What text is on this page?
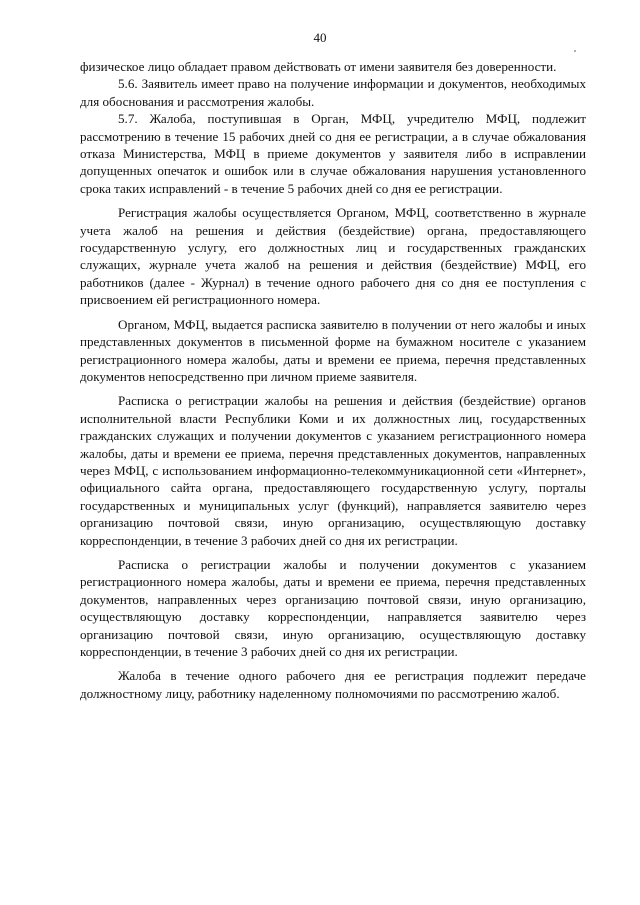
40

физическое лицо обладает правом действовать от имени заявителя без доверенности.

5.6. Заявитель имеет право на получение информации и документов, необходимых для обоснования и рассмотрения жалобы.

5.7. Жалоба, поступившая в Орган, МФЦ, учредителю МФЦ, подлежит рассмотрению в течение 15 рабочих дней со дня ее регистрации, а в случае обжалования отказа Министерства, МФЦ в приеме документов у заявителя либо в исправлении допущенных опечаток и ошибок или в случае обжалования нарушения установленного срока таких исправлений - в течение 5 рабочих дней со дня ее регистрации.

Регистрация жалобы осуществляется Органом, МФЦ, соответственно в журнале учета жалоб на решения и действия (бездействие) органа, предоставляющего государственную услугу, его должностных лиц и государственных гражданских служащих, журнале учета жалоб на решения и действия (бездействие) МФЦ, его работников (далее - Журнал) в течение одного рабочего дня со дня ее поступления с присвоением ей регистрационного номера.

Органом, МФЦ, выдается расписка заявителю в получении от него жалобы и иных представленных документов в письменной форме на бумажном носителе с указанием регистрационного номера жалобы, даты и времени ее приема, перечня представленных документов непосредственно при личном приеме заявителя.

Расписка о регистрации жалобы на решения и действия (бездействие) органов исполнительной власти Республики Коми и их должностных лиц, государственных гражданских служащих и получении документов с указанием регистрационного номера жалобы, даты и времени ее приема, перечня представленных документов, направленных через МФЦ, с использованием информационно-телекоммуникационной сети «Интернет», официального сайта органа, предоставляющего государственную услугу, порталы государственных и муниципальных услуг (функций), направляется заявителю через организацию почтовой связи, иную организацию, осуществляющую доставку корреспонденции, в течение 3 рабочих дней со дня их регистрации.

Расписка о регистрации жалобы и получении документов с указанием регистрационного номера жалобы, даты и времени ее приема, перечня представленных документов, направленных через организацию почтовой связи, иную организацию, осуществляющую доставку корреспонденции, направляется заявителю через организацию почтовой связи, иную организацию, осуществляющую доставку корреспонденции, в течение 3 рабочих дней со дня их регистрации.

Жалоба в течение одного рабочего дня ее регистрация подлежит передаче должностному лицу, работнику наделенному полномочиями по рассмотрению жалоб.
